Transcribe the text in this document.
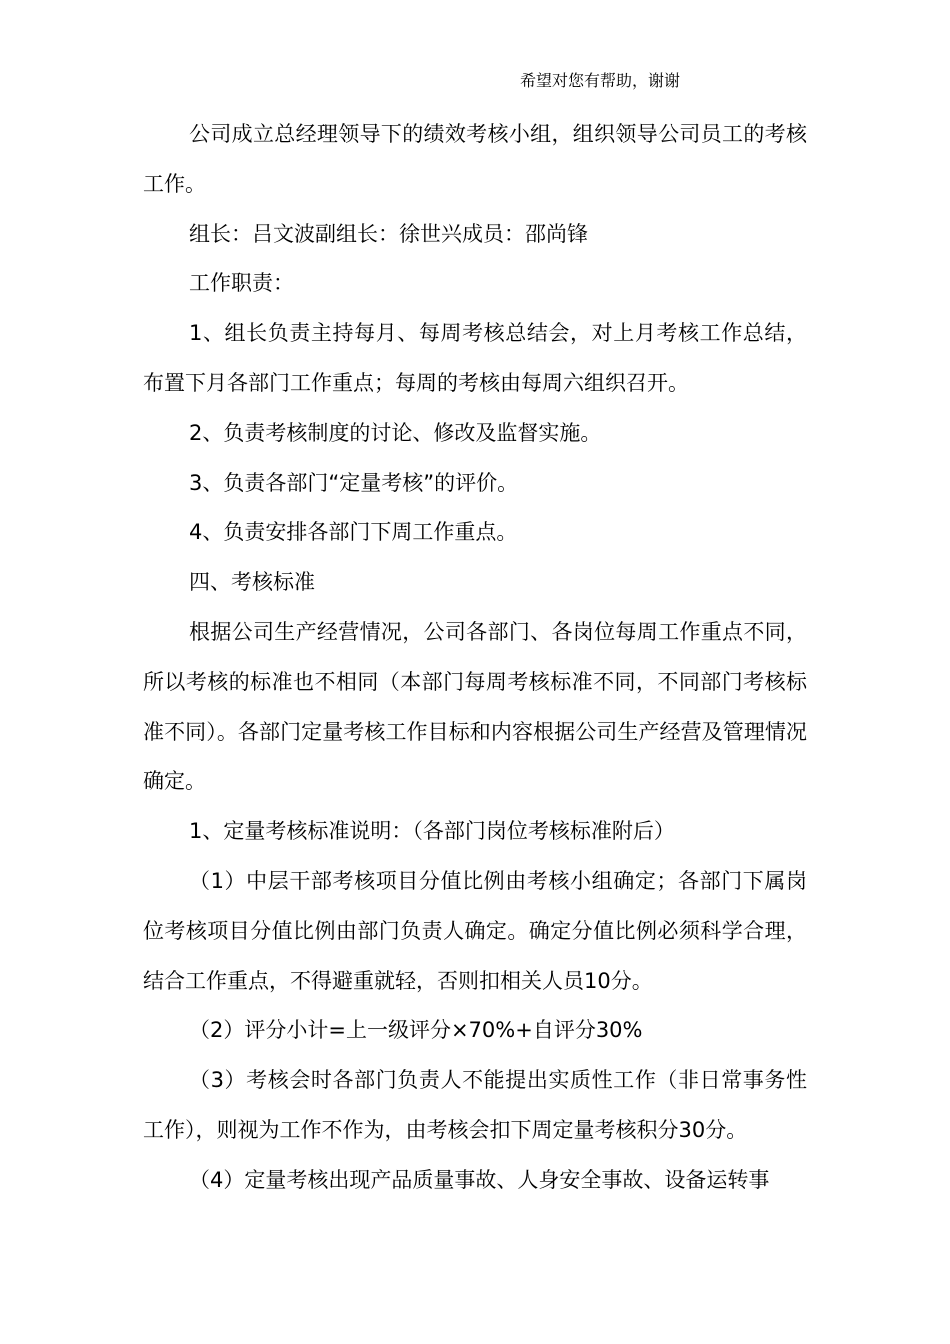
希望对您有帮助，谢谢

公司成立总经理领导下的绩效考核小组，组织领导公司员工的考核工作。

组长：吕文波副组长：徐世兴成员：邵尚锋

工作职责：

1、组长负责主持每月、每周考核总结会，对上月考核工作总结，布置下月各部门工作重点；每周的考核由每周六组织召开。

2、负责考核制度的讨论、修改及监督实施。

3、负责各部门“定量考核”的评价。

4、负责安排各部门下周工作重点。

四、考核标准

根据公司生产经营情况，公司各部门、各岗位每周工作重点不同，所以考核的标准也不相同（本部门每周考核标准不同，不同部门考核标准不同）。各部门定量考核工作目标和内容根据公司生产经营及管理情况确定。

1、定量考核标准说明：（各部门岗位考核标准附后）

（1）中层干部考核项目分值比例由考核小组确定；各部门下属岗位考核项目分值比例由部门负责人确定。确定分值比例必须科学合理，结合工作重点，不得避重就轻，否则扣相关人员10分。

（2）评分小计=上一级评分×70%+自评分30%

（3）考核会时各部门负责人不能提出实质性工作（非日常事务性工作），则视为工作不作为，由考核会扣下周定量考核积分30分。

（4）定量考核出现产品质量事故、人身安全事故、设备运转事
